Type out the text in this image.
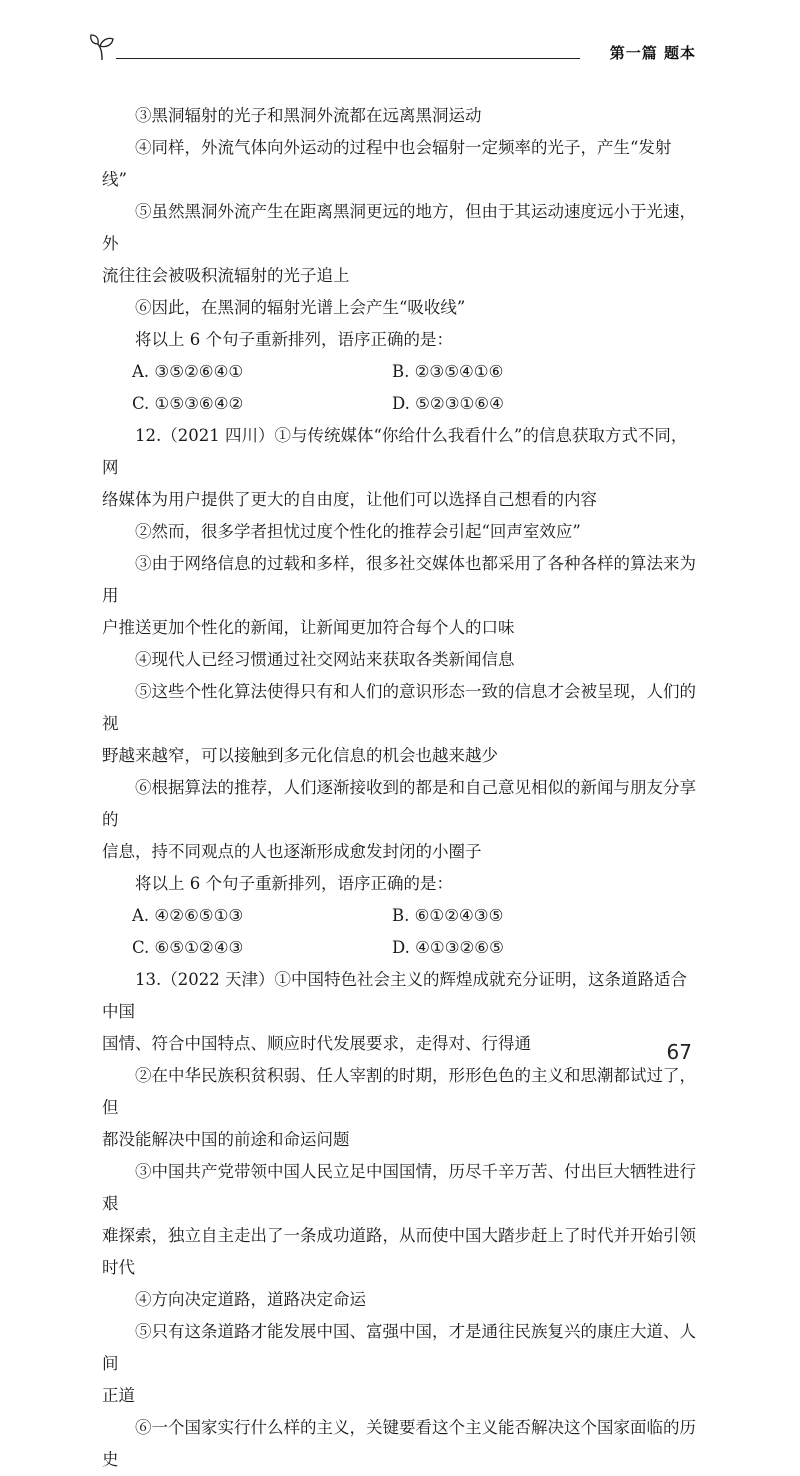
第一篇 题本
③黑洞辐射的光子和黑洞外流都在远离黑洞运动
④同样，外流气体向外运动的过程中也会辐射一定频率的光子，产生“发射线”
⑤虽然黑洞外流产生在距离黑洞更远的地方，但由于其运动速度远小于光速，外
流往往会被吸积流辐射的光子追上
⑥因此，在黑洞的辐射光谱上会产生“吸收线”
将以上 6 个句子重新排列，语序正确的是：
A. ③⑤②⑥④①	B. ②③⑤④①⑥
C. ①⑤③⑥④②	D. ⑤②③①⑥④
12.（2021 四川）①与传统媒体“你给什么我看什么”的信息获取方式不同，网
络媒体为用户提供了更大的自由度，让他们可以选择自己想看的内容
②然而，很多学者担忧过度个性化的推荐会引起“回声室效应”
③由于网络信息的过载和多样，很多社交媒体也都采用了各种各样的算法来为用
户推送更加个性化的新闻，让新闻更加符合每个人的口味
④现代人已经习惯通过社交网站来获取各类新闻信息
⑤这些个性化算法使得只有和人们的意识形态一致的信息才会被呈现，人们的视
野越来越窄，可以接触到多元化信息的机会也越来越少
⑥根据算法的推荐，人们逐渐接收到的都是和自己意见相似的新闻与朋友分享的
信息，持不同观点的人也逐渐形成愈发封闭的小圈子
将以上 6 个句子重新排列，语序正确的是：
A. ④②⑥⑤①③	B. ⑥①②④③⑤
C. ⑥⑤①②④③	D. ④①③②⑥⑤
13.（2022 天津）①中国特色社会主义的辉煌成就充分证明，这条道路适合中国
国情、符合中国特点、顺应时代发展要求，走得对、行得通
②在中华民族积贫积弱、任人宰割的时期，形形色色的主义和思潮都试过了，但
都没能解决中国的前途和命运问题
③中国共产党带领中国人民立足中国国情，历尽千辛万苦、付出巨大牺牲进行艰
难探索，独立自主走出了一条成功道路，从而使中国大踏步赶上了时代并开始引领
时代
④方向决定道路，道路决定命运
⑤只有这条道路才能发展中国、富强中国，才是通往民族复兴的康庄大道、人间
正道
⑥一个国家实行什么样的主义，关键要看这个主义能否解决这个国家面临的历史
67
